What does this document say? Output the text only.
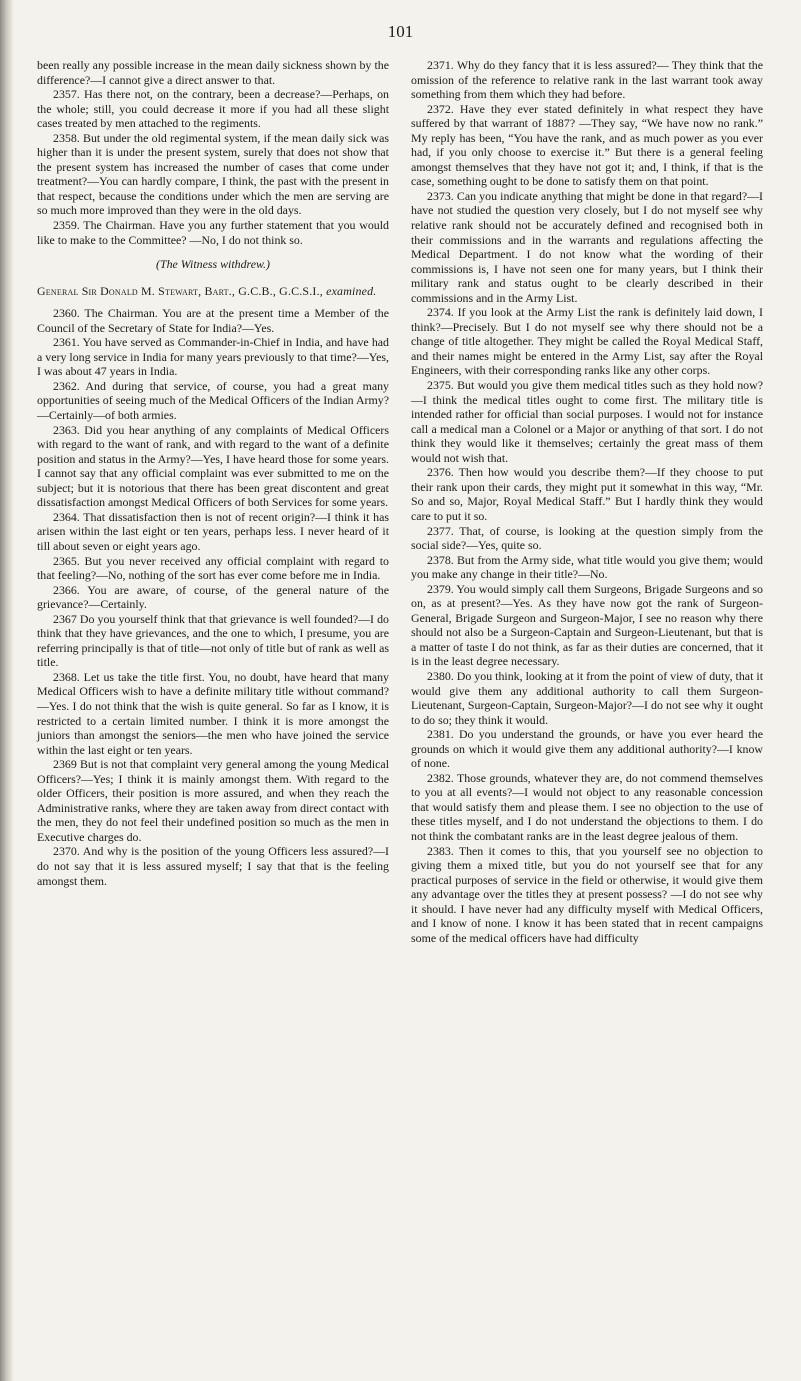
101

been really any possible increase in the mean daily sickness shown by the difference?—I cannot give a direct answer to that.

2357. Has there not, on the contrary, been a decrease?—Perhaps, on the whole; still, you could decrease it more if you had all these slight cases treated by men attached to the regiments.

2358. But under the old regimental system, if the mean daily sick was higher than it is under the present system, surely that does not show that the present system has increased the number of cases that come under treatment?—You can hardly compare, I think, the past with the present in that respect, because the conditions under which the men are serving are so much more improved than they were in the old days.

2359. The Chairman. Have you any further statement that you would like to make to the Committee? —No, I do not think so.

(The Witness withdrew.)

General Sir Donald M. Stewart, Bart., G.C.B., G.C.S.I., examined.

2360. The Chairman. You are at the present time a Member of the Council of the Secretary of State for India?—Yes.

2361. You have served as Commander-in-Chief in India, and have had a very long service in India for many years previously to that time?—Yes, I was about 47 years in India.

2362. And during that service, of course, you had a great many opportunities of seeing much of the Medical Officers of the Indian Army?—Certainly—of both armies.

2363. Did you hear anything of any complaints of Medical Officers with regard to the want of rank, and with regard to the want of a definite position and status in the Army?—Yes, I have heard those for some years. I cannot say that any official complaint was ever submitted to me on the subject; but it is notorious that there has been great discontent and great dissatisfaction amongst Medical Officers of both Services for some years.

2364. That dissatisfaction then is not of recent origin?—I think it has arisen within the last eight or ten years, perhaps less. I never heard of it till about seven or eight years ago.

2365. But you never received any official complaint with regard to that feeling?—No, nothing of the sort has ever come before me in India.

2366. You are aware, of course, of the general nature of the grievance?—Certainly.

2367 Do you yourself think that that grievance is well founded?—I do think that they have grievances, and the one to which, I presume, you are referring principally is that of title—not only of title but of rank as well as title.

2368. Let us take the title first. You, no doubt, have heard that many Medical Officers wish to have a definite military title without command?—Yes. I do not think that the wish is quite general. So far as I know, it is restricted to a certain limited number. I think it is more amongst the juniors than amongst the seniors—the men who have joined the service within the last eight or ten years.

2369 But is not that complaint very general among the young Medical Officers?—Yes; I think it is mainly amongst them. With regard to the older Officers, their position is more assured, and when they reach the Administrative ranks, where they are taken away from direct contact with the men, they do not feel their undefined position so much as the men in Executive charges do.

2370. And why is the position of the young Officers less assured?—I do not say that it is less assured myself; I say that that is the feeling amongst them.

2371. Why do they fancy that it is less assured?— They think that the omission of the reference to relative rank in the last warrant took away something from them which they had before.

2372. Have they ever stated definitely in what respect they have suffered by that warrant of 1887? —They say, “We have now no rank.” My reply has been, “You have the rank, and as much power as you ever had, if you only choose to exercise it.” But there is a general feeling amongst themselves that they have not got it; and, I think, if that is the case, something ought to be done to satisfy them on that point.

2373. Can you indicate anything that might be done in that regard?—I have not studied the question very closely, but I do not myself see why relative rank should not be accurately defined and recognised both in their commissions and in the warrants and regulations affecting the Medical Department. I do not know what the wording of their commissions is, I have not seen one for many years, but I think their military rank and status ought to be clearly described in their commissions and in the Army List.

2374. If you look at the Army List the rank is definitely laid down, I think?—Precisely. But I do not myself see why there should not be a change of title altogether. They might be called the Royal Medical Staff, and their names might be entered in the Army List, say after the Royal Engineers, with their corresponding ranks like any other corps.

2375. But would you give them medical titles such as they hold now?—I think the medical titles ought to come first. The military title is intended rather for official than social purposes. I would not for instance call a medical man a Colonel or a Major or anything of that sort. I do not think they would like it themselves; certainly the great mass of them would not wish that.

2376. Then how would you describe them?—If they choose to put their rank upon their cards, they might put it somewhat in this way, “Mr. So and so, Major, Royal Medical Staff.” But I hardly think they would care to put it so.

2377. That, of course, is looking at the question simply from the social side?—Yes, quite so.

2378. But from the Army side, what title would you give them; would you make any change in their title?—No.

2379. You would simply call them Surgeons, Brigade Surgeons and so on, as at present?—Yes. As they have now got the rank of Surgeon-General, Brigade Surgeon and Surgeon-Major, I see no reason why there should not also be a Surgeon-Captain and Surgeon-Lieutenant, but that is a matter of taste I do not think, as far as their duties are concerned, that it is in the least degree necessary.

2380. Do you think, looking at it from the point of view of duty, that it would give them any additional authority to call them Surgeon-Lieutenant, Surgeon-Captain, Surgeon-Major?—I do not see why it ought to do so; they think it would.

2381. Do you understand the grounds, or have you ever heard the grounds on which it would give them any additional authority?—I know of none.

2382. Those grounds, whatever they are, do not commend themselves to you at all events?—I would not object to any reasonable concession that would satisfy them and please them. I see no objection to the use of these titles myself, and I do not understand the objections to them. I do not think the combatant ranks are in the least degree jealous of them.

2383. Then it comes to this, that you yourself see no objection to giving them a mixed title, but you do not yourself see that for any practical purposes of service in the field or otherwise, it would give them any advantage over the titles they at present possess? —I do not see why it should. I have never had any difficulty myself with Medical Officers, and I know of none. I know it has been stated that in recent campaigns some of the medical officers have had difficulty
